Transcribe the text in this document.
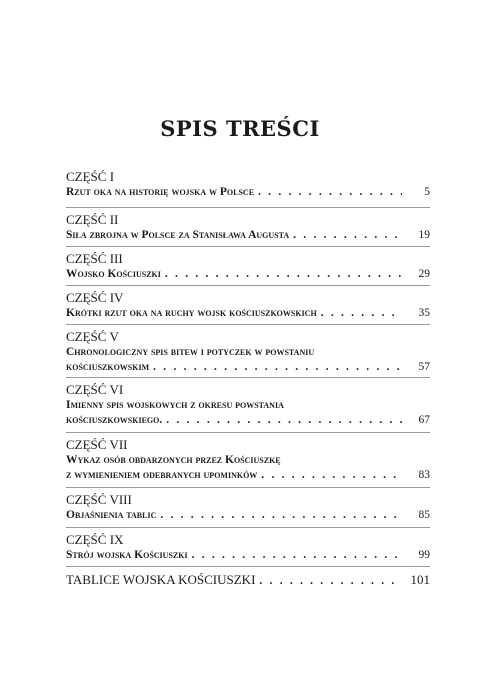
SPIS TREŚCI
CZĘŚĆ I
Rzut oka na historię wojska w Polsce . . .	5
CZĘŚĆ II
Siła zbrojna w Polsce za Stanisława Augusta . . .	19
CZĘŚĆ III
Wojsko Kościuszki . . .	29
CZĘŚĆ IV
Krótki rzut oka na ruchy wojsk kościuszkowskich . . .	35
CZĘŚĆ V
Chronologiczny spis bitew i potyczek w powstaniu
kościuszkowskim . . .	57
CZĘŚĆ VI
Imienny spis wojskowych z okresu powstania
kościuszkowskiego. . . .	67
CZĘŚĆ VII
Wykaz osób obdarzonych przez Kościuszkę
z wymienieniem odebranych upominków . . .	83
CZĘŚĆ VIII
Objaśnienia tablic . . .	85
CZĘŚĆ IX
Strój wojska Kościuszki . . .	99
TABLICE WOJSKA KOŚCIUSZKI . . .	101
